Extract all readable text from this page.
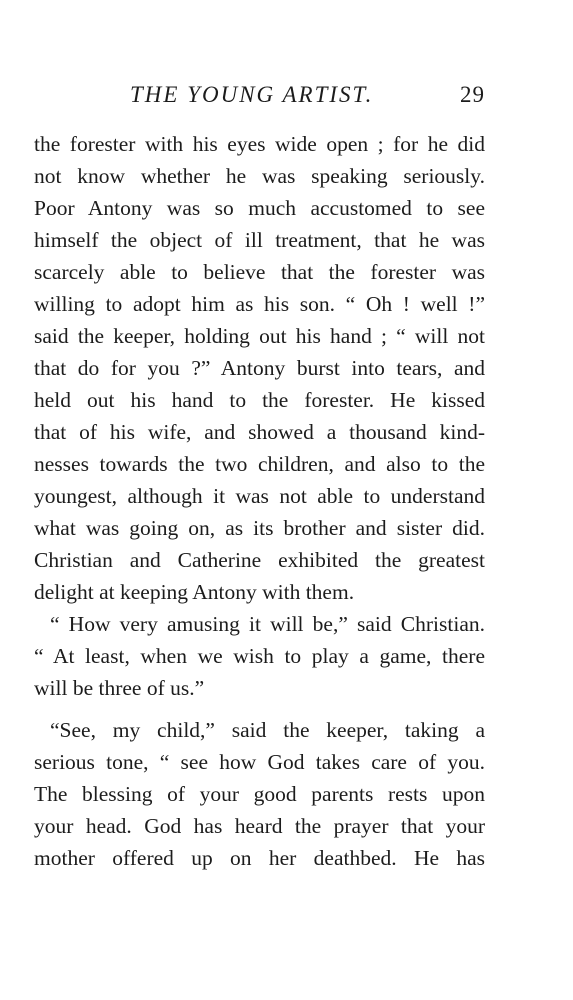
THE YOUNG ARTIST.	29
the forester with his eyes wide open ; for he did
not know whether he was speaking seriously.
Poor Antony was so much accustomed to see
himself the object of ill treatment, that he was
scarcely able to believe that the forester was
willing to adopt him as his son. “ Oh ! well !”
said the keeper, holding out his hand ; “ will not
that do for you ?” Antony burst into tears, and
held out his hand to the forester. He kissed
that of his wife, and showed a thousand kind-
nesses towards the two children, and also to the
youngest, although it was not able to understand
what was going on, as its brother and sister did.
Christian and Catherine exhibited the greatest
delight at keeping Antony with them.
“ How very amusing it will be,” said Christian.
“ At least, when we wish to play a game, there
will be three of us.”
“See, my child,” said the keeper, taking a
serious tone, “ see how God takes care of you.
The blessing of your good parents rests upon
your head. God has heard the prayer that your
mother offered up on her deathbed. He has
